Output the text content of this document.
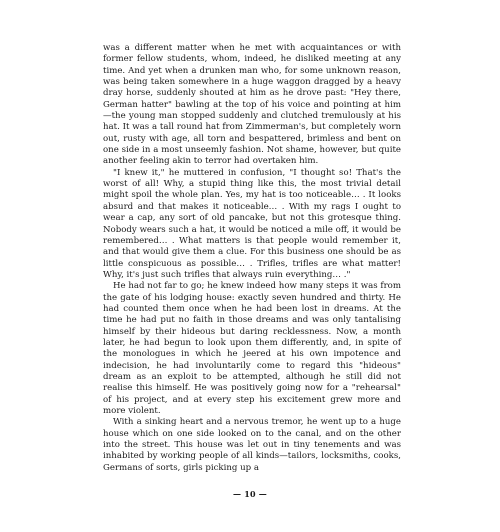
was a different matter when he met with acquaintances or with former fellow students, whom, indeed, he disliked meeting at any time. And yet when a drunken man who, for some unknown reason, was being taken somewhere in a huge waggon dragged by a heavy dray horse, suddenly shouted at him as he drove past: "Hey there, German hatter" bawling at the top of his voice and pointing at him—the young man stopped suddenly and clutched tremulously at his hat. It was a tall round hat from Zimmerman's, but completely worn out, rusty with age, all torn and bespattered, brimless and bent on one side in a most unseemly fashion. Not shame, however, but quite another feeling akin to terror had overtaken him.

"I knew it," he muttered in confusion, "I thought so! That's the worst of all! Why, a stupid thing like this, the most trivial detail might spoil the whole plan. Yes, my hat is too noticeable… . It looks absurd and that makes it noticeable… . With my rags I ought to wear a cap, any sort of old pancake, but not this grotesque thing. Nobody wears such a hat, it would be noticed a mile off, it would be remembered… . What matters is that people would remember it, and that would give them a clue. For this business one should be as little conspicuous as possible… . Trifles, trifles are what matter! Why, it's just such trifles that always ruin everything… ."

He had not far to go; he knew indeed how many steps it was from the gate of his lodging house: exactly seven hundred and thirty. He had counted them once when he had been lost in dreams. At the time he had put no faith in those dreams and was only tantalising himself by their hideous but daring recklessness. Now, a month later, he had begun to look upon them differently, and, in spite of the monologues in which he jeered at his own impotence and indecision, he had involuntarily come to regard this "hideous" dream as an exploit to be attempted, although he still did not realise this himself. He was positively going now for a "rehearsal" of his project, and at every step his excitement grew more and more violent.

With a sinking heart and a nervous tremor, he went up to a huge house which on one side looked on to the canal, and on the other into the street. This house was let out in tiny tenements and was inhabited by working people of all kinds—tailors, locksmiths, cooks, Germans of sorts, girls picking up a

— 10 —
